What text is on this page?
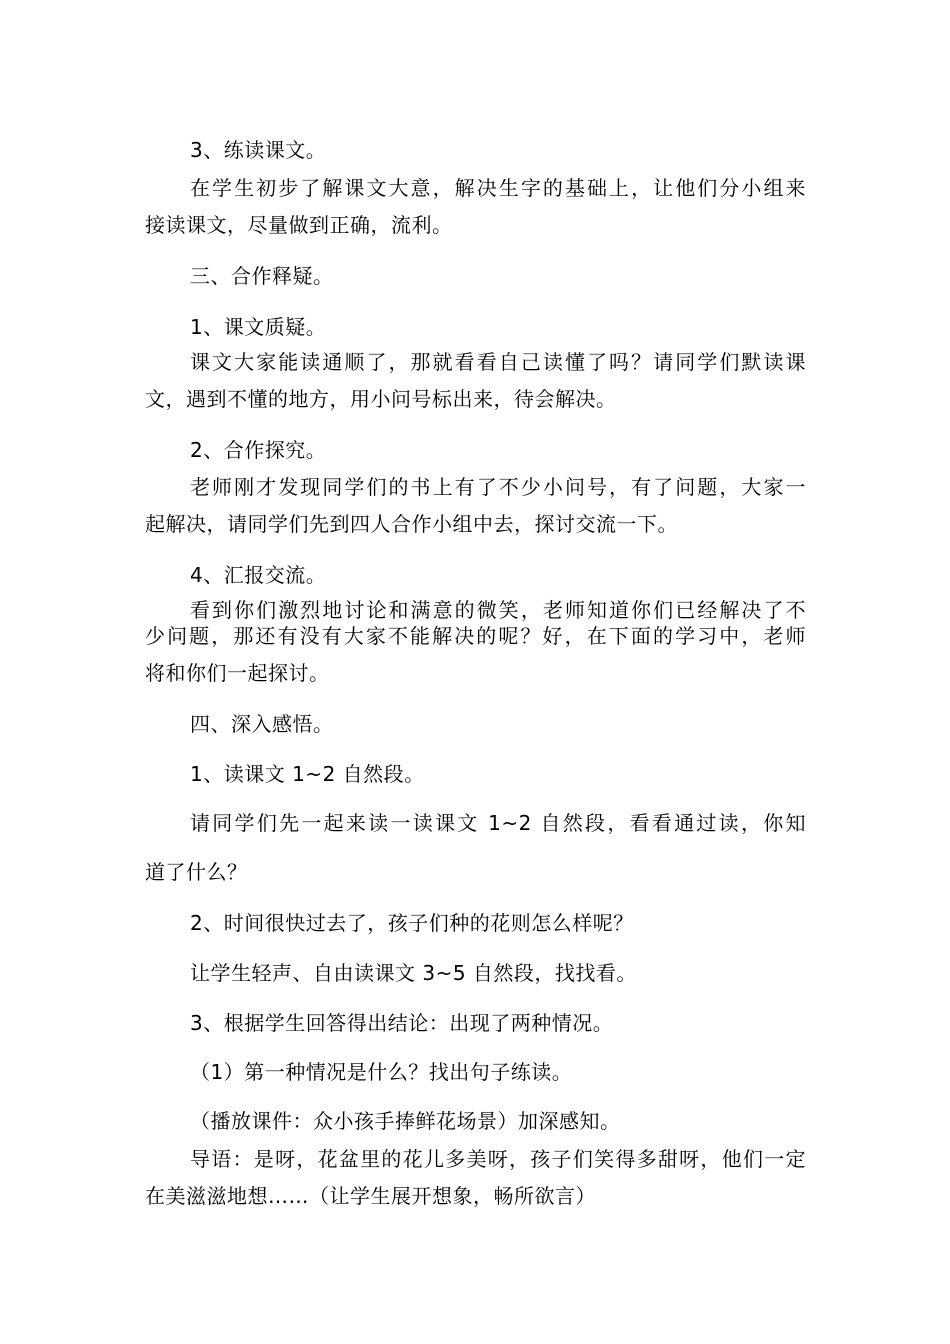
3、练读课文。
在学生初步了解课文大意，解决生字的基础上，让他们分小组来
接读课文，尽量做到正确，流利。
三、合作释疑。
1、课文质疑。
课文大家能读通顺了，那就看看自己读懂了吗？请同学们默读课
文，遇到不懂的地方，用小问号标出来，待会解决。
2、合作探究。
老师刚才发现同学们的书上有了不少小问号，有了问题，大家一
起解决，请同学们先到四人合作小组中去，探讨交流一下。
4、汇报交流。
看到你们激烈地讨论和满意的微笑，老师知道你们已经解决了不
少问题，那还有没有大家不能解决的呢？好，在下面的学习中，老师
将和你们一起探讨。
四、深入感悟。
1、读课文 1~2 自然段。
请同学们先一起来读一读课文 1~2 自然段，看看通过读，你知
道了什么？
2、时间很快过去了，孩子们种的花则怎么样呢？
让学生轻声、自由读课文 3~5 自然段，找找看。
3、根据学生回答得出结论：出现了两种情况。
（1）第一种情况是什么？找出句子练读。
（播放课件：众小孩手捧鲜花场景）加深感知。
导语：是呀，花盆里的花儿多美呀，孩子们笑得多甜呀，他们一定
在美滋滋地想……（让学生展开想象，畅所欲言）
